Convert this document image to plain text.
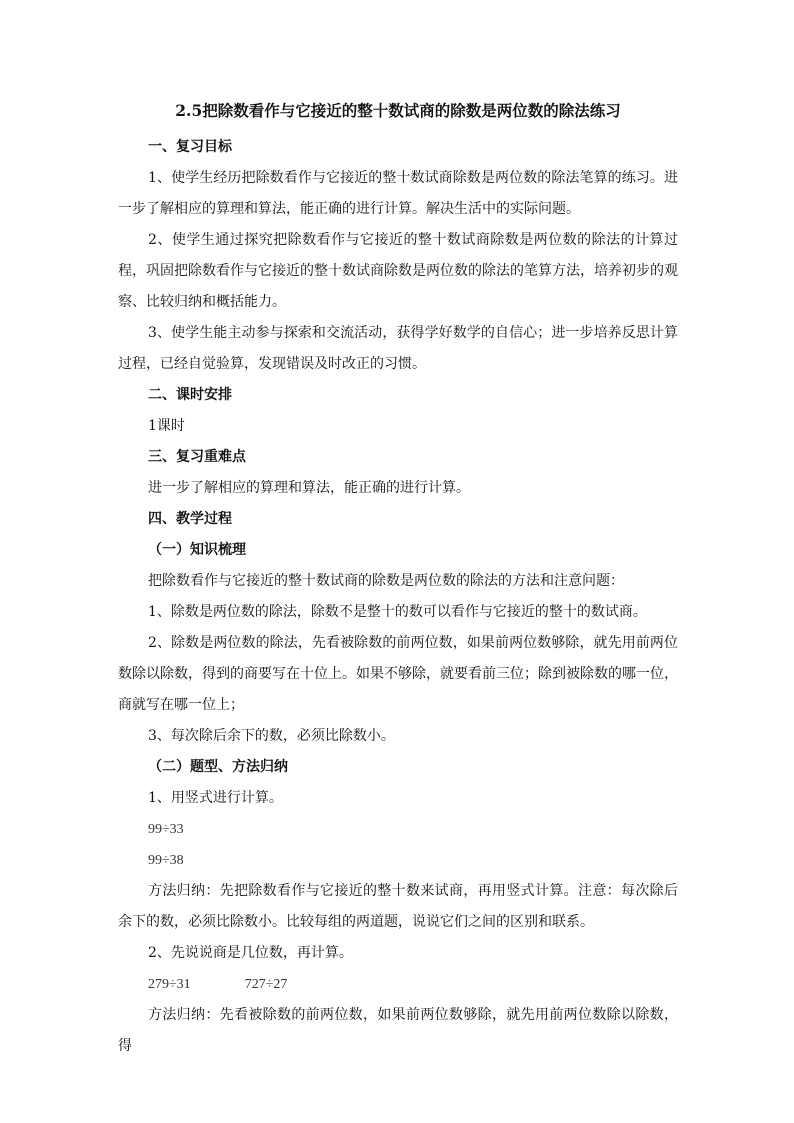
2.5把除数看作与它接近的整十数试商的除数是两位数的除法练习
一、复习目标
1、使学生经历把除数看作与它接近的整十数试商除数是两位数的除法笔算的练习。进一步了解相应的算理和算法，能正确的进行计算。解决生活中的实际问题。
2、使学生通过探究把除数看作与它接近的整十数试商除数是两位数的除法的计算过程，巩固把除数看作与它接近的整十数试商除数是两位数的除法的笔算方法，培养初步的观察、比较归纳和概括能力。
3、使学生能主动参与探索和交流活动，获得学好数学的自信心；进一步培养反思计算过程，已经自觉验算，发现错误及时改正的习惯。
二、课时安排
1课时
三、复习重难点
进一步了解相应的算理和算法，能正确的进行计算。
四、教学过程
（一）知识梳理
把除数看作与它接近的整十数试商的除数是两位数的除法的方法和注意问题：
1、除数是两位数的除法，除数不是整十的数可以看作与它接近的整十的数试商。
2、除数是两位数的除法，先看被除数的前两位数，如果前两位数够除，就先用前两位数除以除数，得到的商要写在十位上。如果不够除，就要看前三位；除到被除数的哪一位，商就写在哪一位上；
3、每次除后余下的数，必须比除数小。
（二）题型、方法归纳
1、用竖式进行计算。
99÷33
99÷38
方法归纳：先把除数看作与它接近的整十数来试商，再用竖式计算。注意：每次除后余下的数，必须比除数小。比较每组的两道题，说说它们之间的区别和联系。
2、先说说商是几位数，再计算。
279÷31	727÷27
方法归纳：先看被除数的前两位数，如果前两位数够除，就先用前两位数除以除数，得
